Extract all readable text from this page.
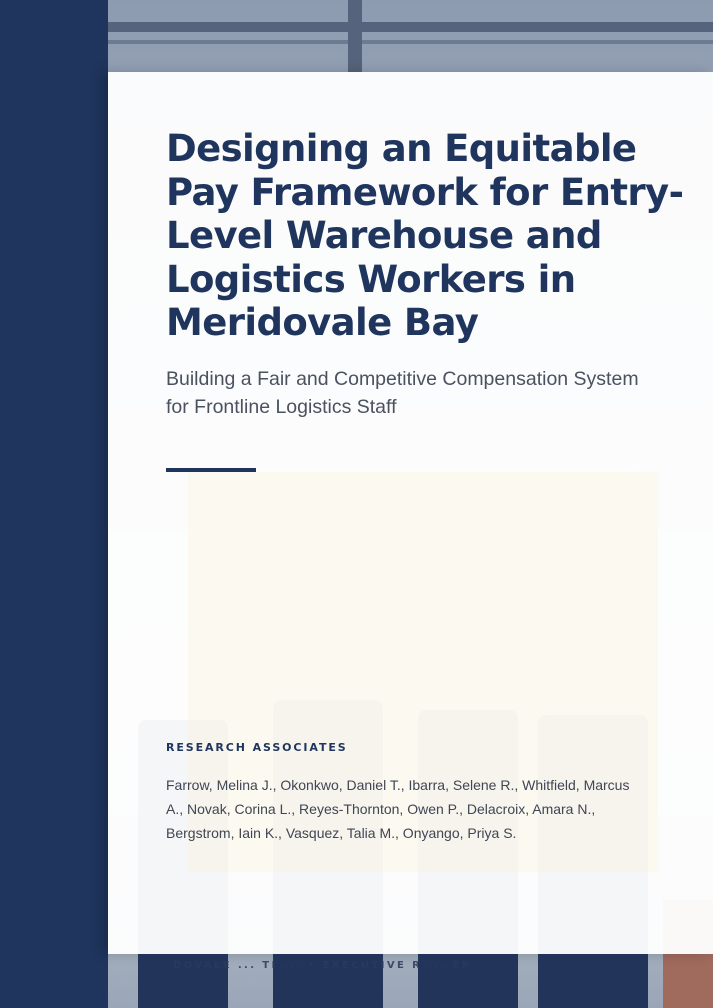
Designing an Equitable Pay Framework for Entry-Level Warehouse and Logistics Workers in Meridovale Bay

Building a Fair and Competitive Compensation System for Frontline Logistics Staff

RESEARCH ASSOCIATES

Farrow, Melina J., Okonkwo, Daniel T., Ibarra, Selene R., Whitfield, Marcus A., Novak, Corina L., Reyes-Thornton, Owen P., Delacroix, Amara N., Bergstrom, Iain K., Vasquez, Talia M., Onyango, Priya S.

DOVALE ... TI ... • EXECUTIVE R ... EP
